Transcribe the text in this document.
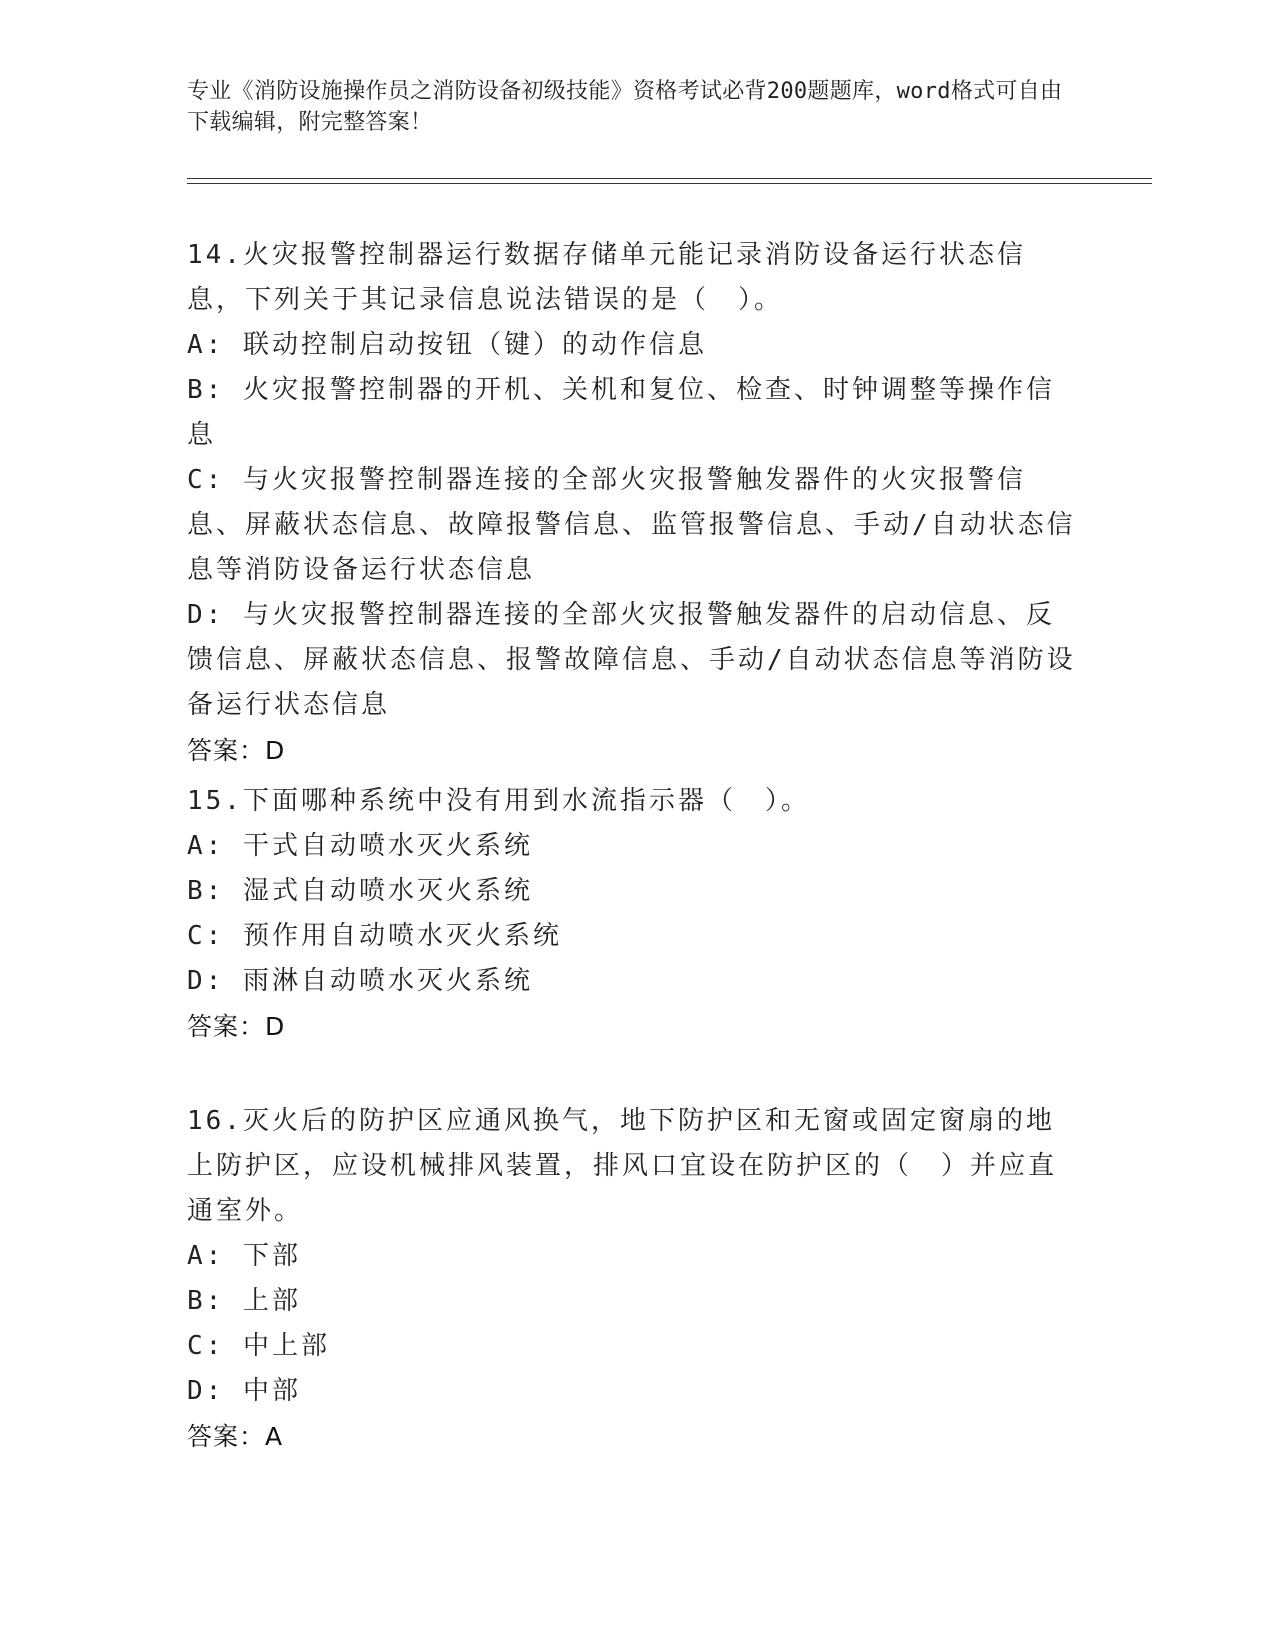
专业《消防设施操作员之消防设备初级技能》资格考试必背200题题库，word格式可自由下载编辑，附完整答案！
14.火灾报警控制器运行数据存储单元能记录消防设备运行状态信息，下列关于其记录信息说法错误的是（　）。
A: 联动控制启动按钮（键）的动作信息
B: 火灾报警控制器的开机、关机和复位、检查、时钟调整等操作信息
C: 与火灾报警控制器连接的全部火灾报警触发器件的火灾报警信息、屏蔽状态信息、故障报警信息、监管报警信息、手动/自动状态信息等消防设备运行状态信息
D: 与火灾报警控制器连接的全部火灾报警触发器件的启动信息、反馈信息、屏蔽状态信息、报警故障信息、手动/自动状态信息等消防设备运行状态信息
答案：D
15.下面哪种系统中没有用到水流指示器（　）。
A: 干式自动喷水灭火系统
B: 湿式自动喷水灭火系统
C: 预作用自动喷水灭火系统
D: 雨淋自动喷水灭火系统
答案：D
16.灭火后的防护区应通风换气，地下防护区和无窗或固定窗扇的地上防护区，应设机械排风装置，排风口宜设在防护区的（　）并应直通室外。
A: 下部
B: 上部
C: 中上部
D: 中部
答案：A
